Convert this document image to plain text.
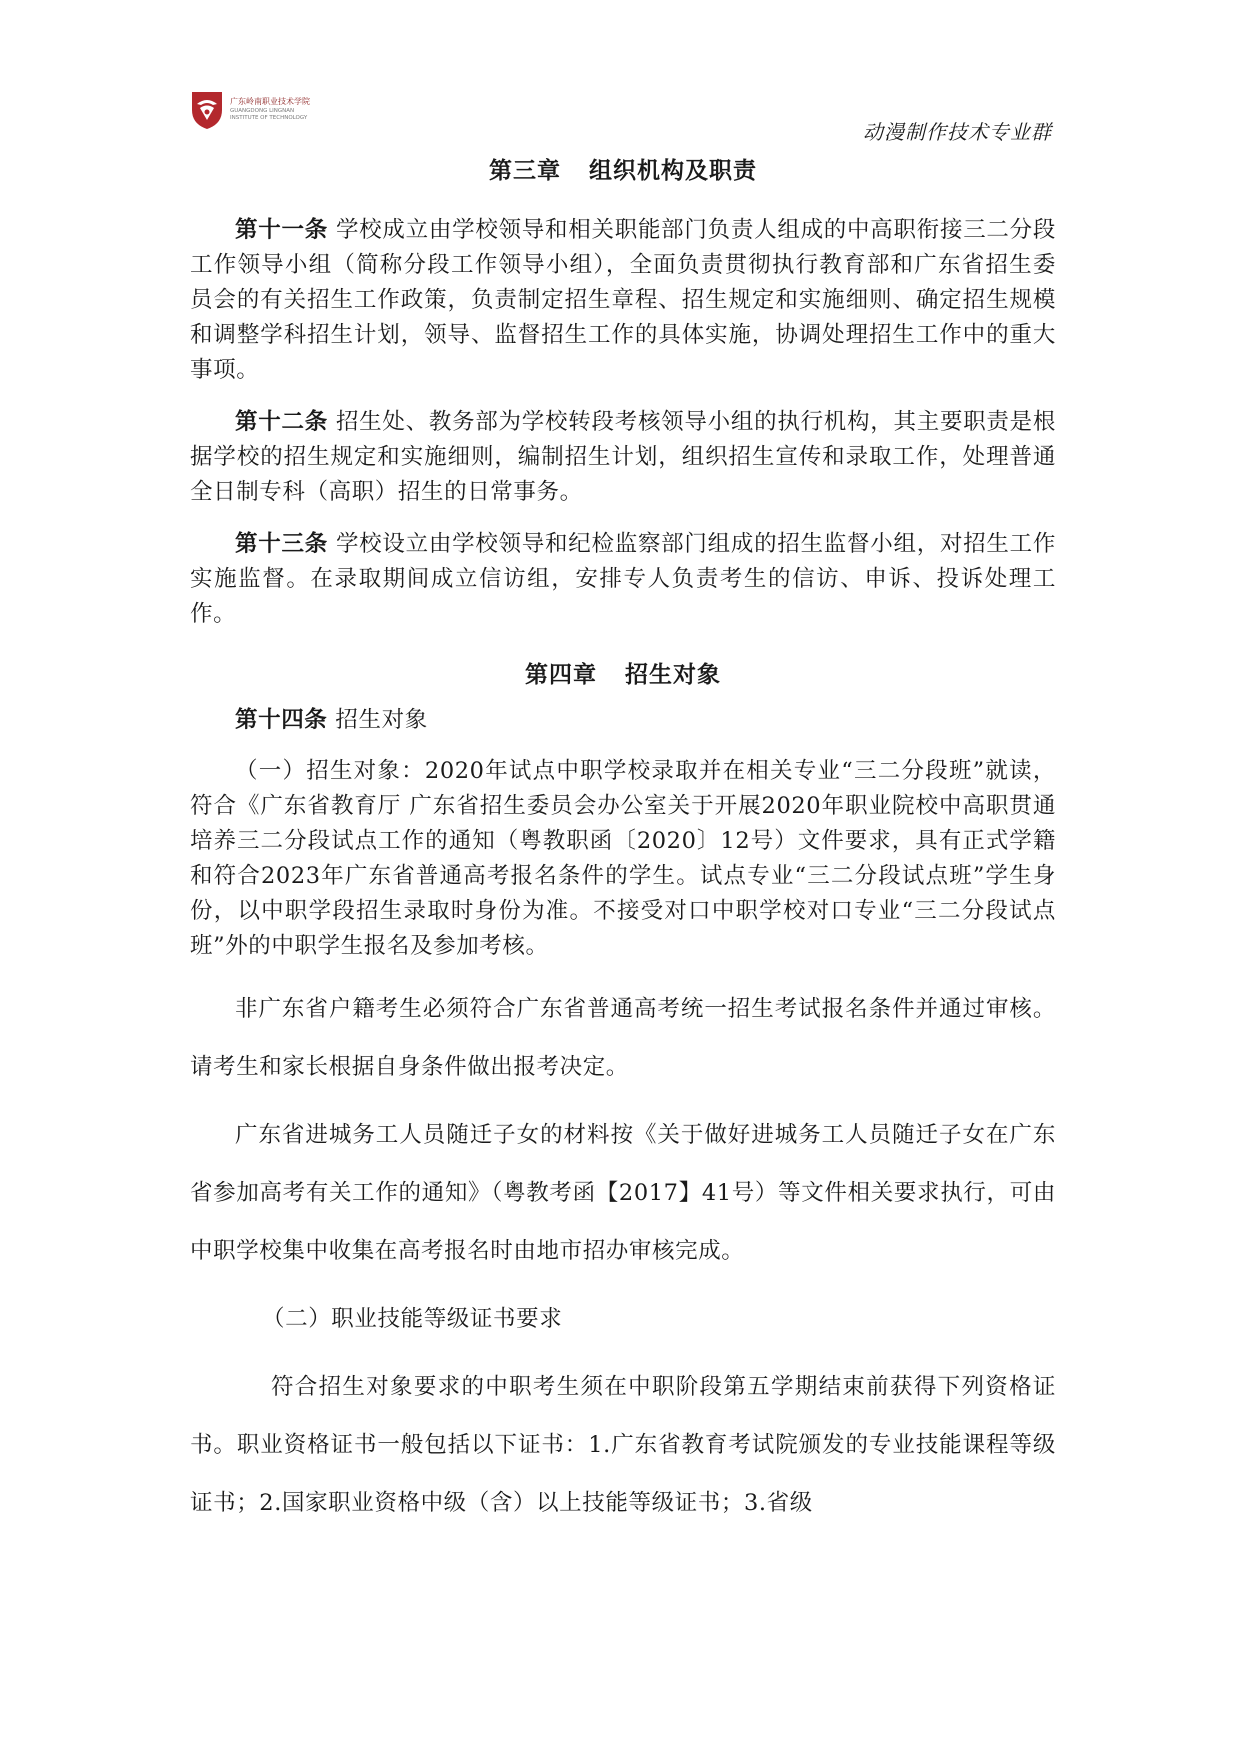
广东岭南职业技术学院
GUANGDONG LINGNAN
INSTITUTE OF TECHNOLOGY
动漫制作技术专业群
第三章 组织机构及职责

第十一条 学校成立由学校领导和相关职能部门负责人组成的中高职衔接三二分段工作领导小组（简称分段工作领导小组），全面负责贯彻执行教育部和广东省招生委员会的有关招生工作政策，负责制定招生章程、招生规定和实施细则、确定招生规模和调整学科招生计划，领导、监督招生工作的具体实施，协调处理招生工作中的重大事项。

第十二条 招生处、教务部为学校转段考核领导小组的执行机构，其主要职责是根据学校的招生规定和实施细则，编制招生计划，组织招生宣传和录取工作，处理普通全日制专科（高职）招生的日常事务。

第十三条 学校设立由学校领导和纪检监察部门组成的招生监督小组，对招生工作实施监督。在录取期间成立信访组，安排专人负责考生的信访、申诉、投诉处理工作。

第四章 招生对象

第十四条 招生对象

（一）招生对象：2020年试点中职学校录取并在相关专业“三二分段班”就读，符合《广东省教育厅 广东省招生委员会办公室关于开展2020年职业院校中高职贯通培养三二分段试点工作的通知（粤教职函〔2020〕12号）文件要求，具有正式学籍和符合2023年广东省普通高考报名条件的学生。试点专业“三二分段试点班”学生身份，以中职学段招生录取时身份为准。不接受对口中职学校对口专业“三二分段试点班”外的中职学生报名及参加考核。

非广东省户籍考生必须符合广东省普通高考统一招生考试报名条件并通过审核。请考生和家长根据自身条件做出报考决定。

广东省进城务工人员随迁子女的材料按《关于做好进城务工人员随迁子女在广东省参加高考有关工作的通知》（粤教考函【2017】41号）等文件相关要求执行，可由中职学校集中收集在高考报名时由地市招办审核完成。

（二）职业技能等级证书要求

符合招生对象要求的中职考生须在中职阶段第五学期结束前获得下列资格证书。职业资格证书一般包括以下证书：1.广东省教育考试院颁发的专业技能课程等级证书；2.国家职业资格中级（含）以上技能等级证书；3.省级
